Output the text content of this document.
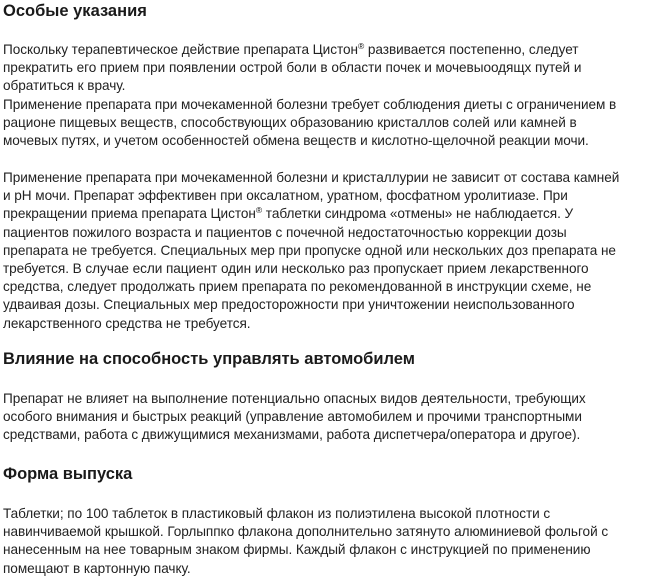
Особые указания

Поскольку терапевтическое действие препарата Цистон® развивается постепенно, следует
прекратить его прием при появлении острой боли в области почек и мочевыоодящх путей и
обратиться к врачу.

Применение препарата при мочекаменной болезни требует соблюдения диеты с ограничением в
рационе пищевых веществ, способствующих образованию кристаллов солей или камней в
мочевых путях, и учетом особенностей обмена веществ и кислотно-щелочной реакции мочи.

Применение препарата при мочекаменной болезни и кристаллурии не зависит от состава камней
и pH мочи. Препарат эффективен при оксалатном, уратном, фосфатном уролитиазе. При
прекращении приема препарата Цистон® таблетки синдрома «отмены» не наблюдается. У
пациентов пожилого возраста и пациентов с почечной недостаточностью коррекции дозы
препарата не требуется. Специальных мер при пропуске одной или нескольких доз препарата не
требуется. В случае если пациент один или несколько раз пропускает прием лекарственного
средства, следует продолжать прием препарата по рекомендованной в инструкции схеме, не
удваивая дозы. Специальных мер предосторожности при уничтожении неиспользованного
лекарственного средства не требуется.

Влияние на способность управлять автомобилем

Препарат не влияет на выполнение потенциально опасных видов деятельности, требующих
особого внимания и быстрых реакций (управление автомобилем и прочими транспортными
средствами, работа с движущимися механизмами, работа диспетчера/оператора и другое).

Форма выпуска

Таблетки; по 100 таблеток в пластиковый флакон из полиэтилена высокой плотности с
навинчиваемой крышкой. Горлыппко флакона дополнительно затянуто алюминиевой фольгой с
нанесенным на нее товарным знаком фирмы. Каждый флакон с инструкцией по применению
помещают в картонную пачку.
